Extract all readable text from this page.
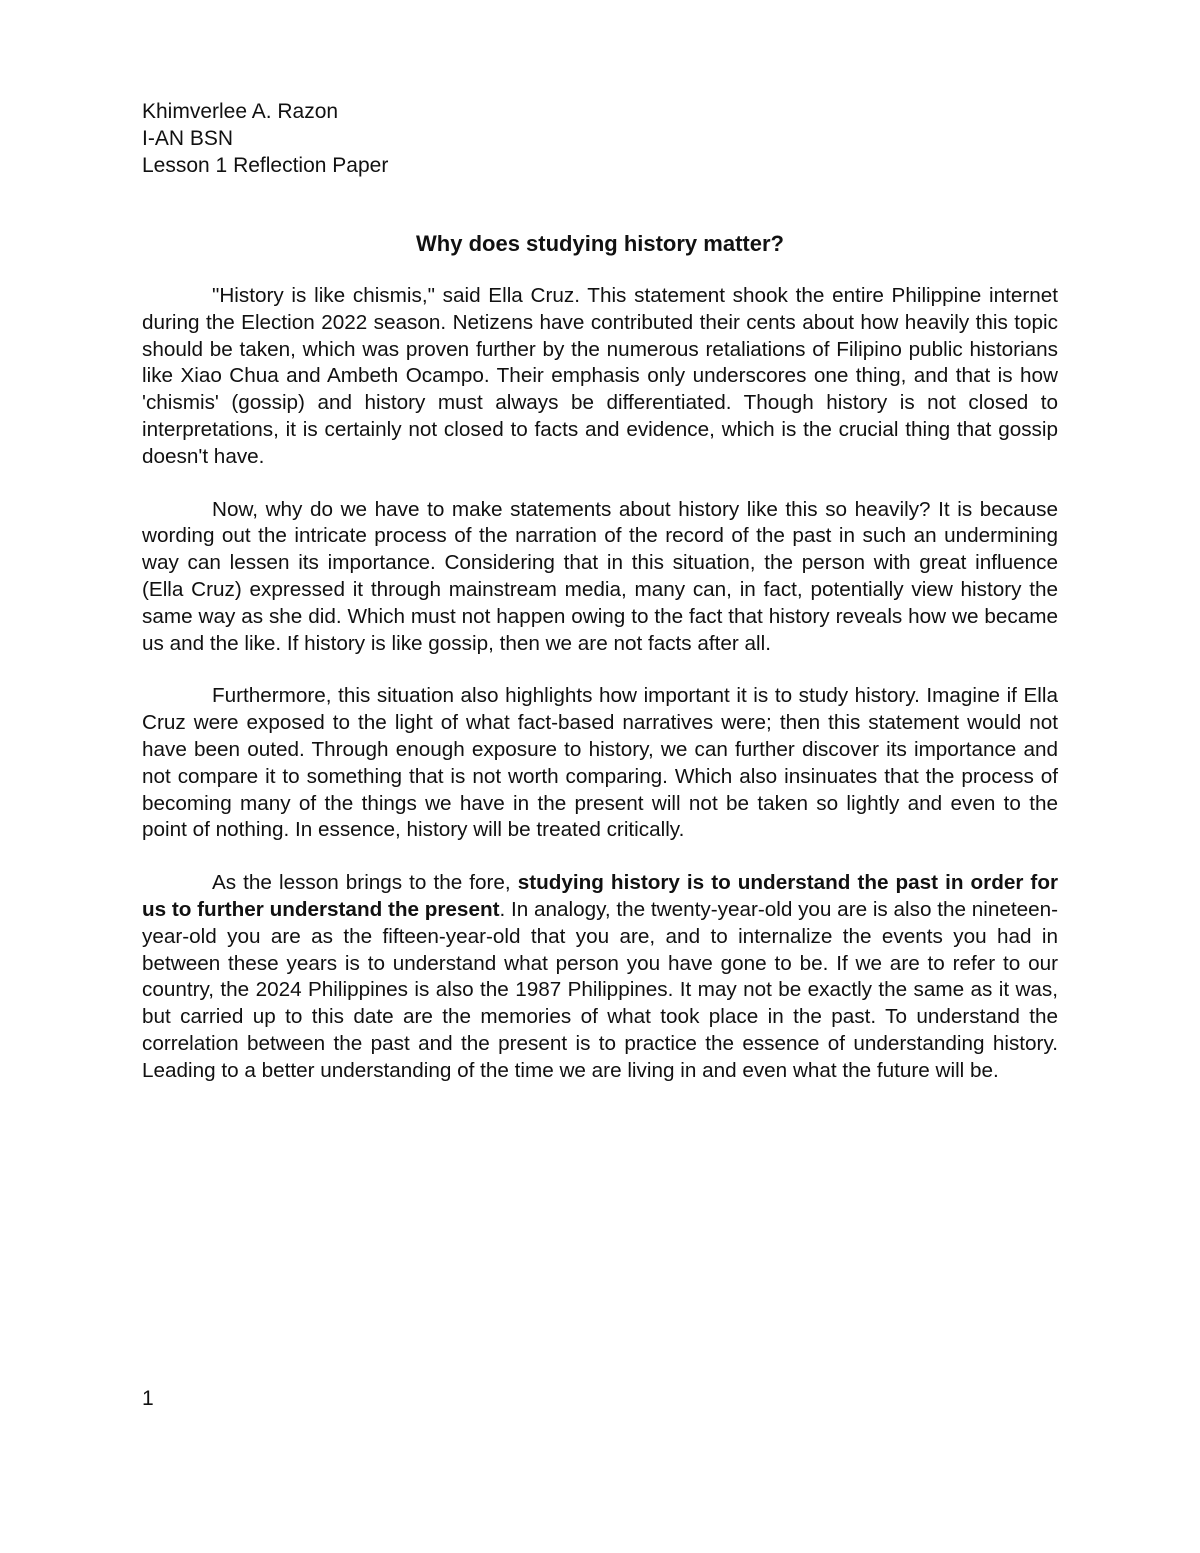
Khimverlee A. Razon
I-AN BSN
Lesson 1 Reflection Paper
Why does studying history matter?

"History is like chismis," said Ella Cruz. This statement shook the entire Philippine internet during the Election 2022 season. Netizens have contributed their cents about how heavily this topic should be taken, which was proven further by the numerous retaliations of Filipino public historians like Xiao Chua and Ambeth Ocampo. Their emphasis only underscores one thing, and that is how 'chismis' (gossip) and history must always be differentiated. Though history is not closed to interpretations, it is certainly not closed to facts and evidence, which is the crucial thing that gossip doesn't have.

Now, why do we have to make statements about history like this so heavily? It is because wording out the intricate process of the narration of the record of the past in such an undermining way can lessen its importance. Considering that in this situation, the person with great influence (Ella Cruz) expressed it through mainstream media, many can, in fact, potentially view history the same way as she did. Which must not happen owing to the fact that history reveals how we became us and the like. If history is like gossip, then we are not facts after all.

Furthermore, this situation also highlights how important it is to study history. Imagine if Ella Cruz were exposed to the light of what fact-based narratives were; then this statement would not have been outed. Through enough exposure to history, we can further discover its importance and not compare it to something that is not worth comparing. Which also insinuates that the process of becoming many of the things we have in the present will not be taken so lightly and even to the point of nothing. In essence, history will be treated critically.

As the lesson brings to the fore, studying history is to understand the past in order for us to further understand the present. In analogy, the twenty-year-old you are is also the nineteen-year-old you are as the fifteen-year-old that you are, and to internalize the events you had in between these years is to understand what person you have gone to be. If we are to refer to our country, the 2024 Philippines is also the 1987 Philippines. It may not be exactly the same as it was, but carried up to this date are the memories of what took place in the past. To understand the correlation between the past and the present is to practice the essence of understanding history. Leading to a better understanding of the time we are living in and even what the future will be.

1
